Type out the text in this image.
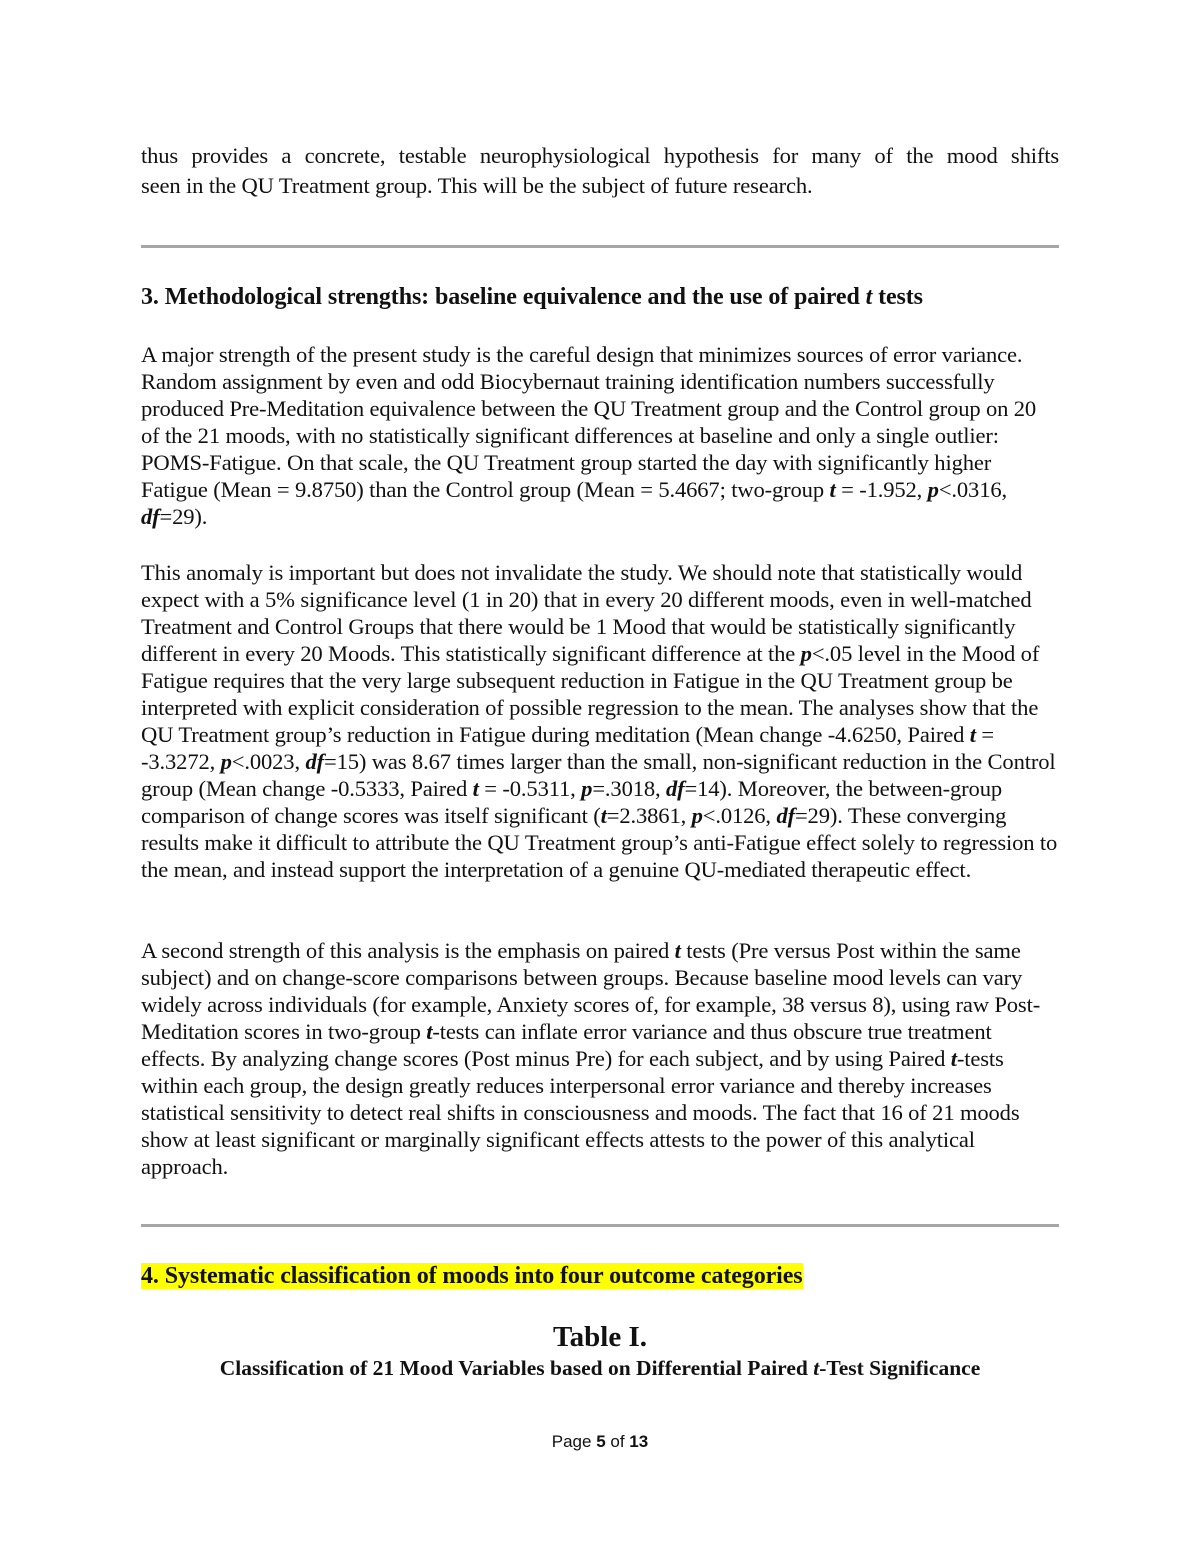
thus provides a concrete, testable neurophysiological hypothesis for many of the mood shifts

seen in the QU Treatment group. This will be the subject of future research.

3. Methodological strengths: baseline equivalence and the use of paired t tests

A major strength of the present study is the careful design that minimizes sources of error variance. Random assignment by even and odd Biocybernaut training identification numbers successfully produced Pre-Meditation equivalence between the QU Treatment group and the Control group on 20 of the 21 moods, with no statistically significant differences at baseline and only a single outlier: POMS-Fatigue. On that scale, the QU Treatment group started the day with significantly higher Fatigue (Mean = 9.8750) than the Control group (Mean = 5.4667; two-group t = -1.952, p<.0316, df=29).

This anomaly is important but does not invalidate the study. We should note that statistically would expect with a 5% significance level (1 in 20) that in every 20 different moods, even in well-matched Treatment and Control Groups that there would be 1 Mood that would be statistically significantly different in every 20 Moods. This statistically significant difference at the p<.05 level in the Mood of Fatigue requires that the very large subsequent reduction in Fatigue in the QU Treatment group be interpreted with explicit consideration of possible regression to the mean. The analyses show that the QU Treatment group’s reduction in Fatigue during meditation (Mean change -4.6250, Paired t = -3.3272, p<.0023, df=15) was 8.67 times larger than the small, non-significant reduction in the Control group (Mean change -0.5333, Paired t = -0.5311, p=.3018, df=14). Moreover, the between-group comparison of change scores was itself significant (t=2.3861, p<.0126, df=29). These converging results make it difficult to attribute the QU Treatment group’s anti-Fatigue effect solely to regression to the mean, and instead support the interpretation of a genuine QU-mediated therapeutic effect.

A second strength of this analysis is the emphasis on paired t tests (Pre versus Post within the same subject) and on change-score comparisons between groups. Because baseline mood levels can vary widely across individuals (for example, Anxiety scores of, for example, 38 versus 8), using raw Post-Meditation scores in two-group t-tests can inflate error variance and thus obscure true treatment effects. By analyzing change scores (Post minus Pre) for each subject, and by using Paired t-tests within each group, the design greatly reduces interpersonal error variance and thereby increases statistical sensitivity to detect real shifts in consciousness and moods. The fact that 16 of 21 moods show at least significant or marginally significant effects attests to the power of this analytical approach.

4. Systematic classification of moods into four outcome categories
Table I.
Classification of 21 Mood Variables based on Differential Paired t-Test Significance
Page 5 of 13
